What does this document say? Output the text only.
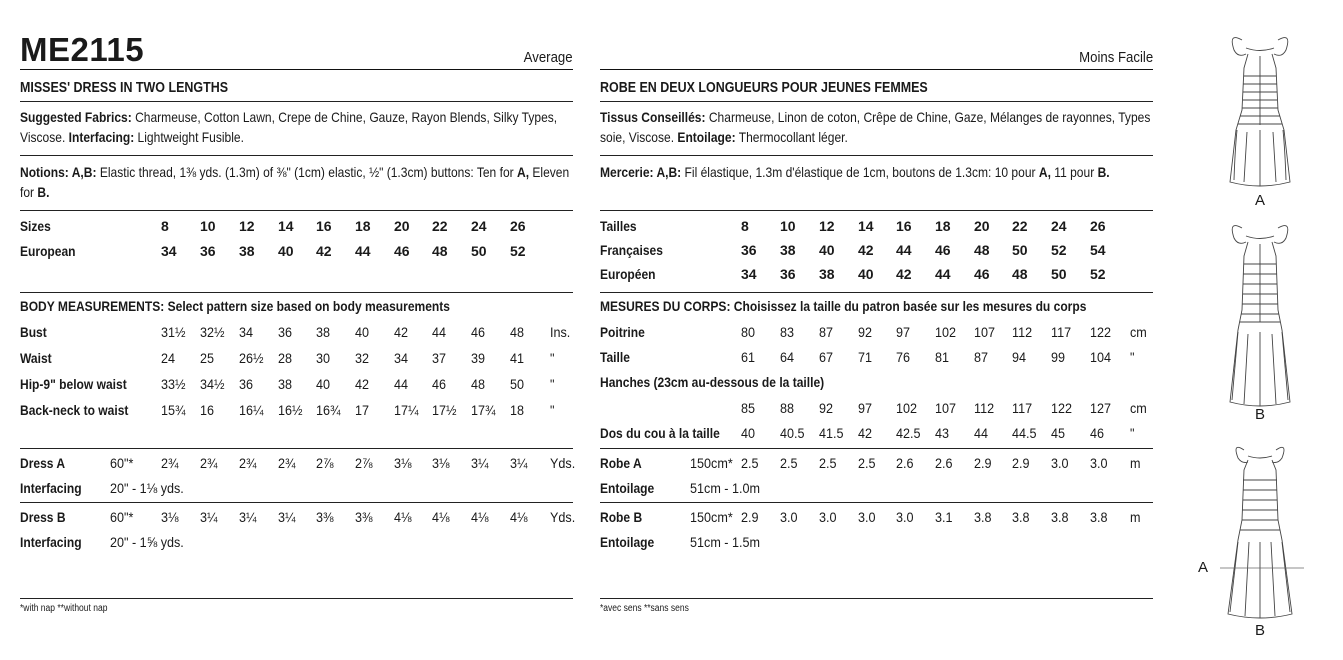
ME2115	Average
MISSES' DRESS IN TWO LENGTHS
Suggested Fabrics: Charmeuse, Cotton Lawn, Crepe de Chine, Gauze, Rayon Blends, Silky Types, Viscose. Interfacing: Lightweight Fusible.
Notions: A,B: Elastic thread, 1⅜ yds. (1.3m) of ⅜" (1cm) elastic, ½" (1.3cm) buttons: Ten for A, Eleven for B.
Sizes	8 10 12 14 16 18 20 22 24 26
European	34 36 38 40 42 44 46 48 50 52
BODY MEASUREMENTS: Select pattern size based on body measurements
Bust	31½ 32½ 34 36 38 40 42 44 46 48 Ins.
Waist	24 25 26½ 28 30 32 34 37 39 41 "
Hip-9" below waist 33½ 34½ 36 38 40 42 44 46 48 50 "
Back-neck to waist 15¾ 16 16¼ 16½ 16¾ 17 17¼ 17½ 17¾ 18 "
Dress A	60"* 2¾ 2¾ 2¾ 2¾ 2⅞ 2⅞ 3⅛ 3⅛ 3¼ 3¼ Yds.
Interfacing 20" - 1⅛ yds.
Dress B	60"* 3⅛ 3¼ 3¼ 3¼ 3⅜ 3⅜ 4⅛ 4⅛ 4⅛ 4⅛ Yds.
Interfacing 20" - 1⅝ yds.
*with nap **without nap
Moins Facile
ROBE EN DEUX LONGUEURS POUR JEUNES FEMMES
Tissus Conseillés: Charmeuse, Linon de coton, Crêpe de Chine, Gaze, Mélanges de rayonnes, Types soie, Viscose. Entoilage: Thermocollant léger.
Mercerie: A,B: Fil élastique, 1.3m d'élastique de 1cm, boutons de 1.3cm: 10 pour A, 11 pour B.
Tailles	8 10 12 14 16 18 20 22 24 26
Françaises	36 38 40 42 44 46 48 50 52 54
Européen	34 36 38 40 42 44 46 48 50 52
MESURES DU CORPS: Choisissez la taille du patron basée sur les mesures du corps
Poitrine	80 83 87 92 97 102 107 112 117 122 cm
Taille	61 64 67 71 76 81 87 94 99 104 "
Hanches (23cm au-dessous de la taille)
85 88 92 97 102 107 112 117 122 127 cm
Dos du cou à la taille 40 40.5 41.5 42 42.5 43 44 44.5 45 46 "
Robe A	150cm* 2.5 2.5 2.5 2.5 2.6 2.6 2.9 2.9 3.0 3.0 m
Entoilage	51cm - 1.0m
Robe B	150cm* 2.9 3.0 3.0 3.0 3.0 3.1 3.8 3.8 3.8 3.8 m
Entoilage	51cm - 1.5m
*avec sens **sans sens
A
B
A
B
